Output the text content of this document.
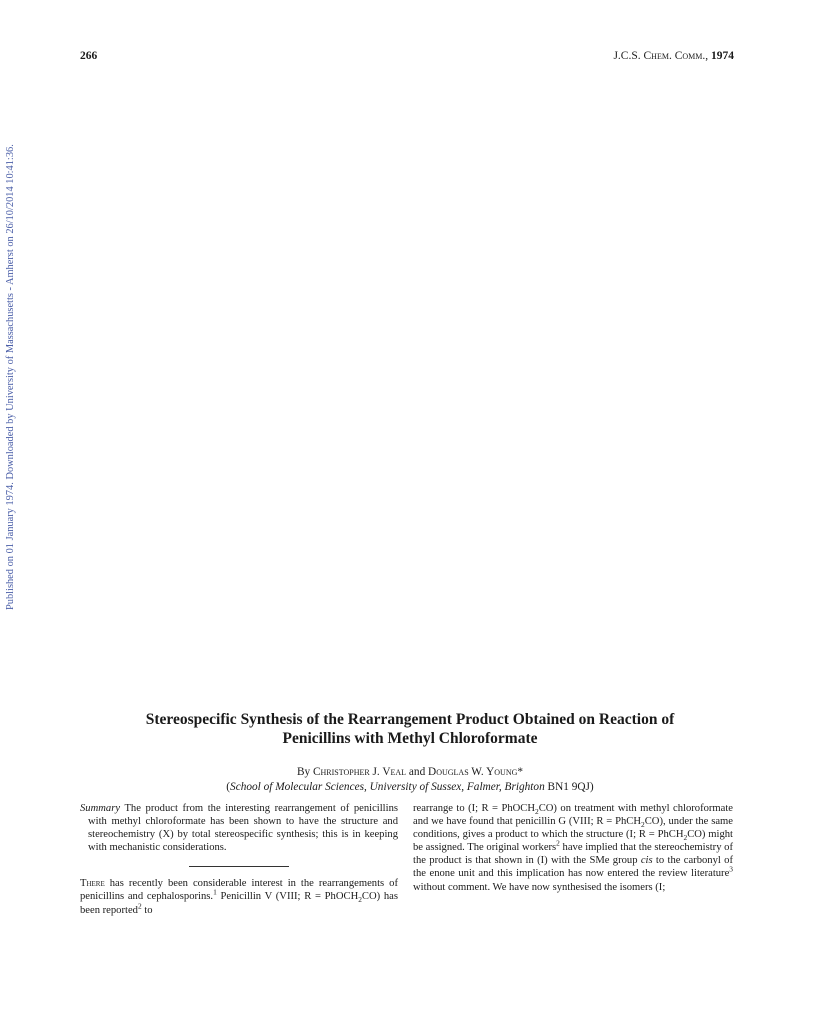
266	J.C.S. Chem. Comm., 1974
Published on 01 January 1974. Downloaded by University of Massachusetts - Amherst on 26/10/2014 10:41:36.
Stereospecific Synthesis of the Rearrangement Product Obtained on Reaction of
Penicillins with Methyl Chloroformate
By Christopher J. Veal and Douglas W. Young*
(School of Molecular Sciences, University of Sussex, Falmer, Brighton BN1 9QJ)

Summary The product from the interesting rearrangement of penicillins with methyl chloroformate has been shown to have the structure and stereochemistry (X) by total stereospecific synthesis; this is in keeping with mechanistic considerations.

There has recently been considerable interest in the rearrangements of penicillins and cephalosporins.$^1$ Penicillin V (VIII; R = PhOCH$_2$CO) has been reported$^2$ to

rearrange to (I; R = PhOCH$_2$CO) on treatment with methyl chloroformate and we have found that penicillin G (VIII; R = PhCH$_2$CO), under the same conditions, gives a product to which the structure (I; R = PhCH$_2$CO) might be assigned. The original workers$^2$ have implied that the stereochemistry of the product is that shown in (I) with the SMe group cis to the carbonyl of the enone unit and this implication has now entered the review literature$^3$ without comment. We have now synthesised the isomers (I;
